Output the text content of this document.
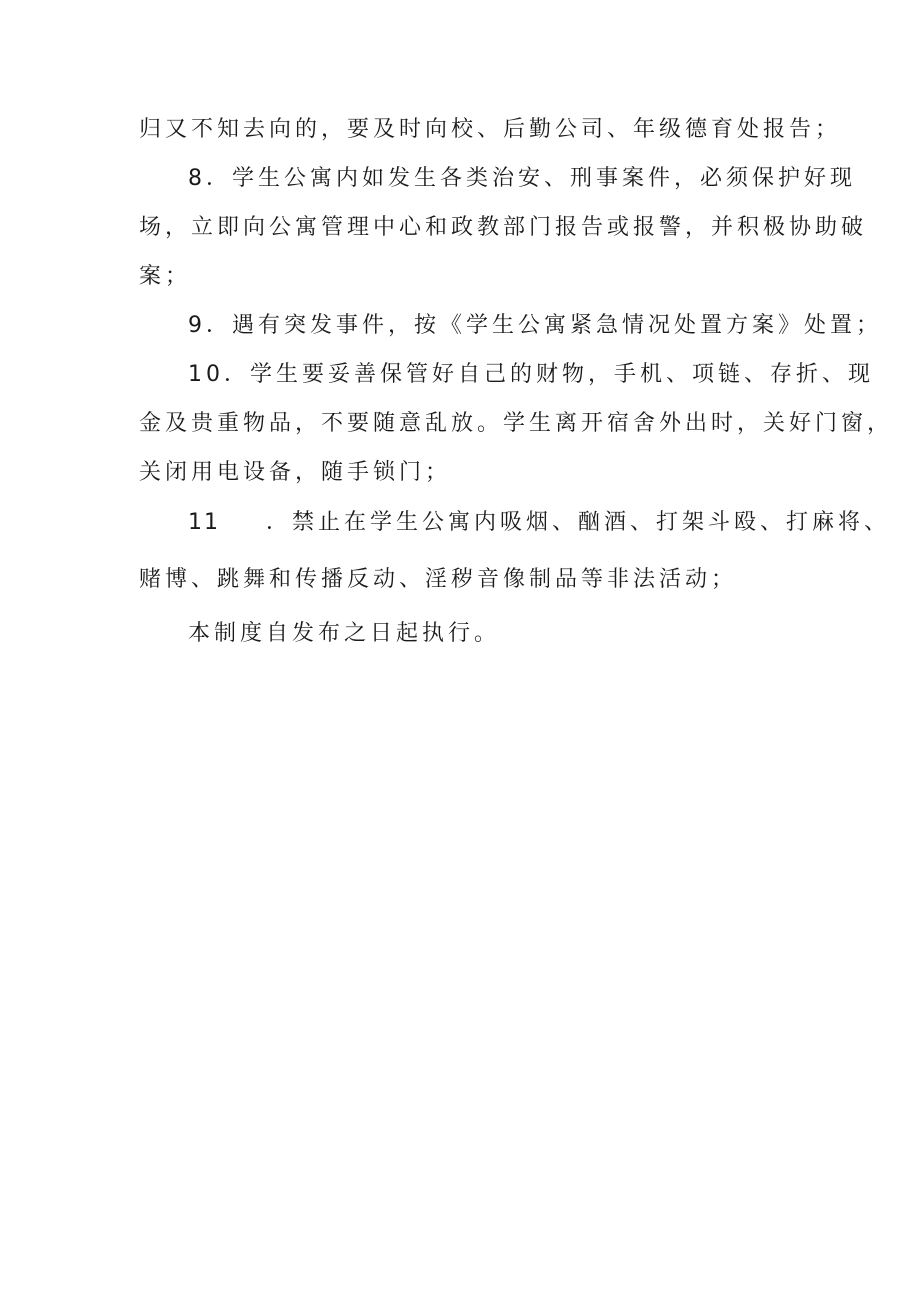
归又不知去向的，要及时向校、后勤公司、年级德育处报告；
8．学生公寓内如发生各类治安、刑事案件，必须保护好现
场，立即向公寓管理中心和政教部门报告或报警，并积极协助破
案；
9．遇有突发事件，按《学生公寓紧急情况处置方案》处置；
10．学生要妥善保管好自己的财物，手机、项链、存折、现
金及贵重物品，不要随意乱放。学生离开宿舍外出时，关好门窗，
关闭用电设备，随手锁门；
11 ．禁止在学生公寓内吸烟、酗酒、打架斗殴、打麻将、
赌博、跳舞和传播反动、淫秽音像制品等非法活动；
本制度自发布之日起执行。
